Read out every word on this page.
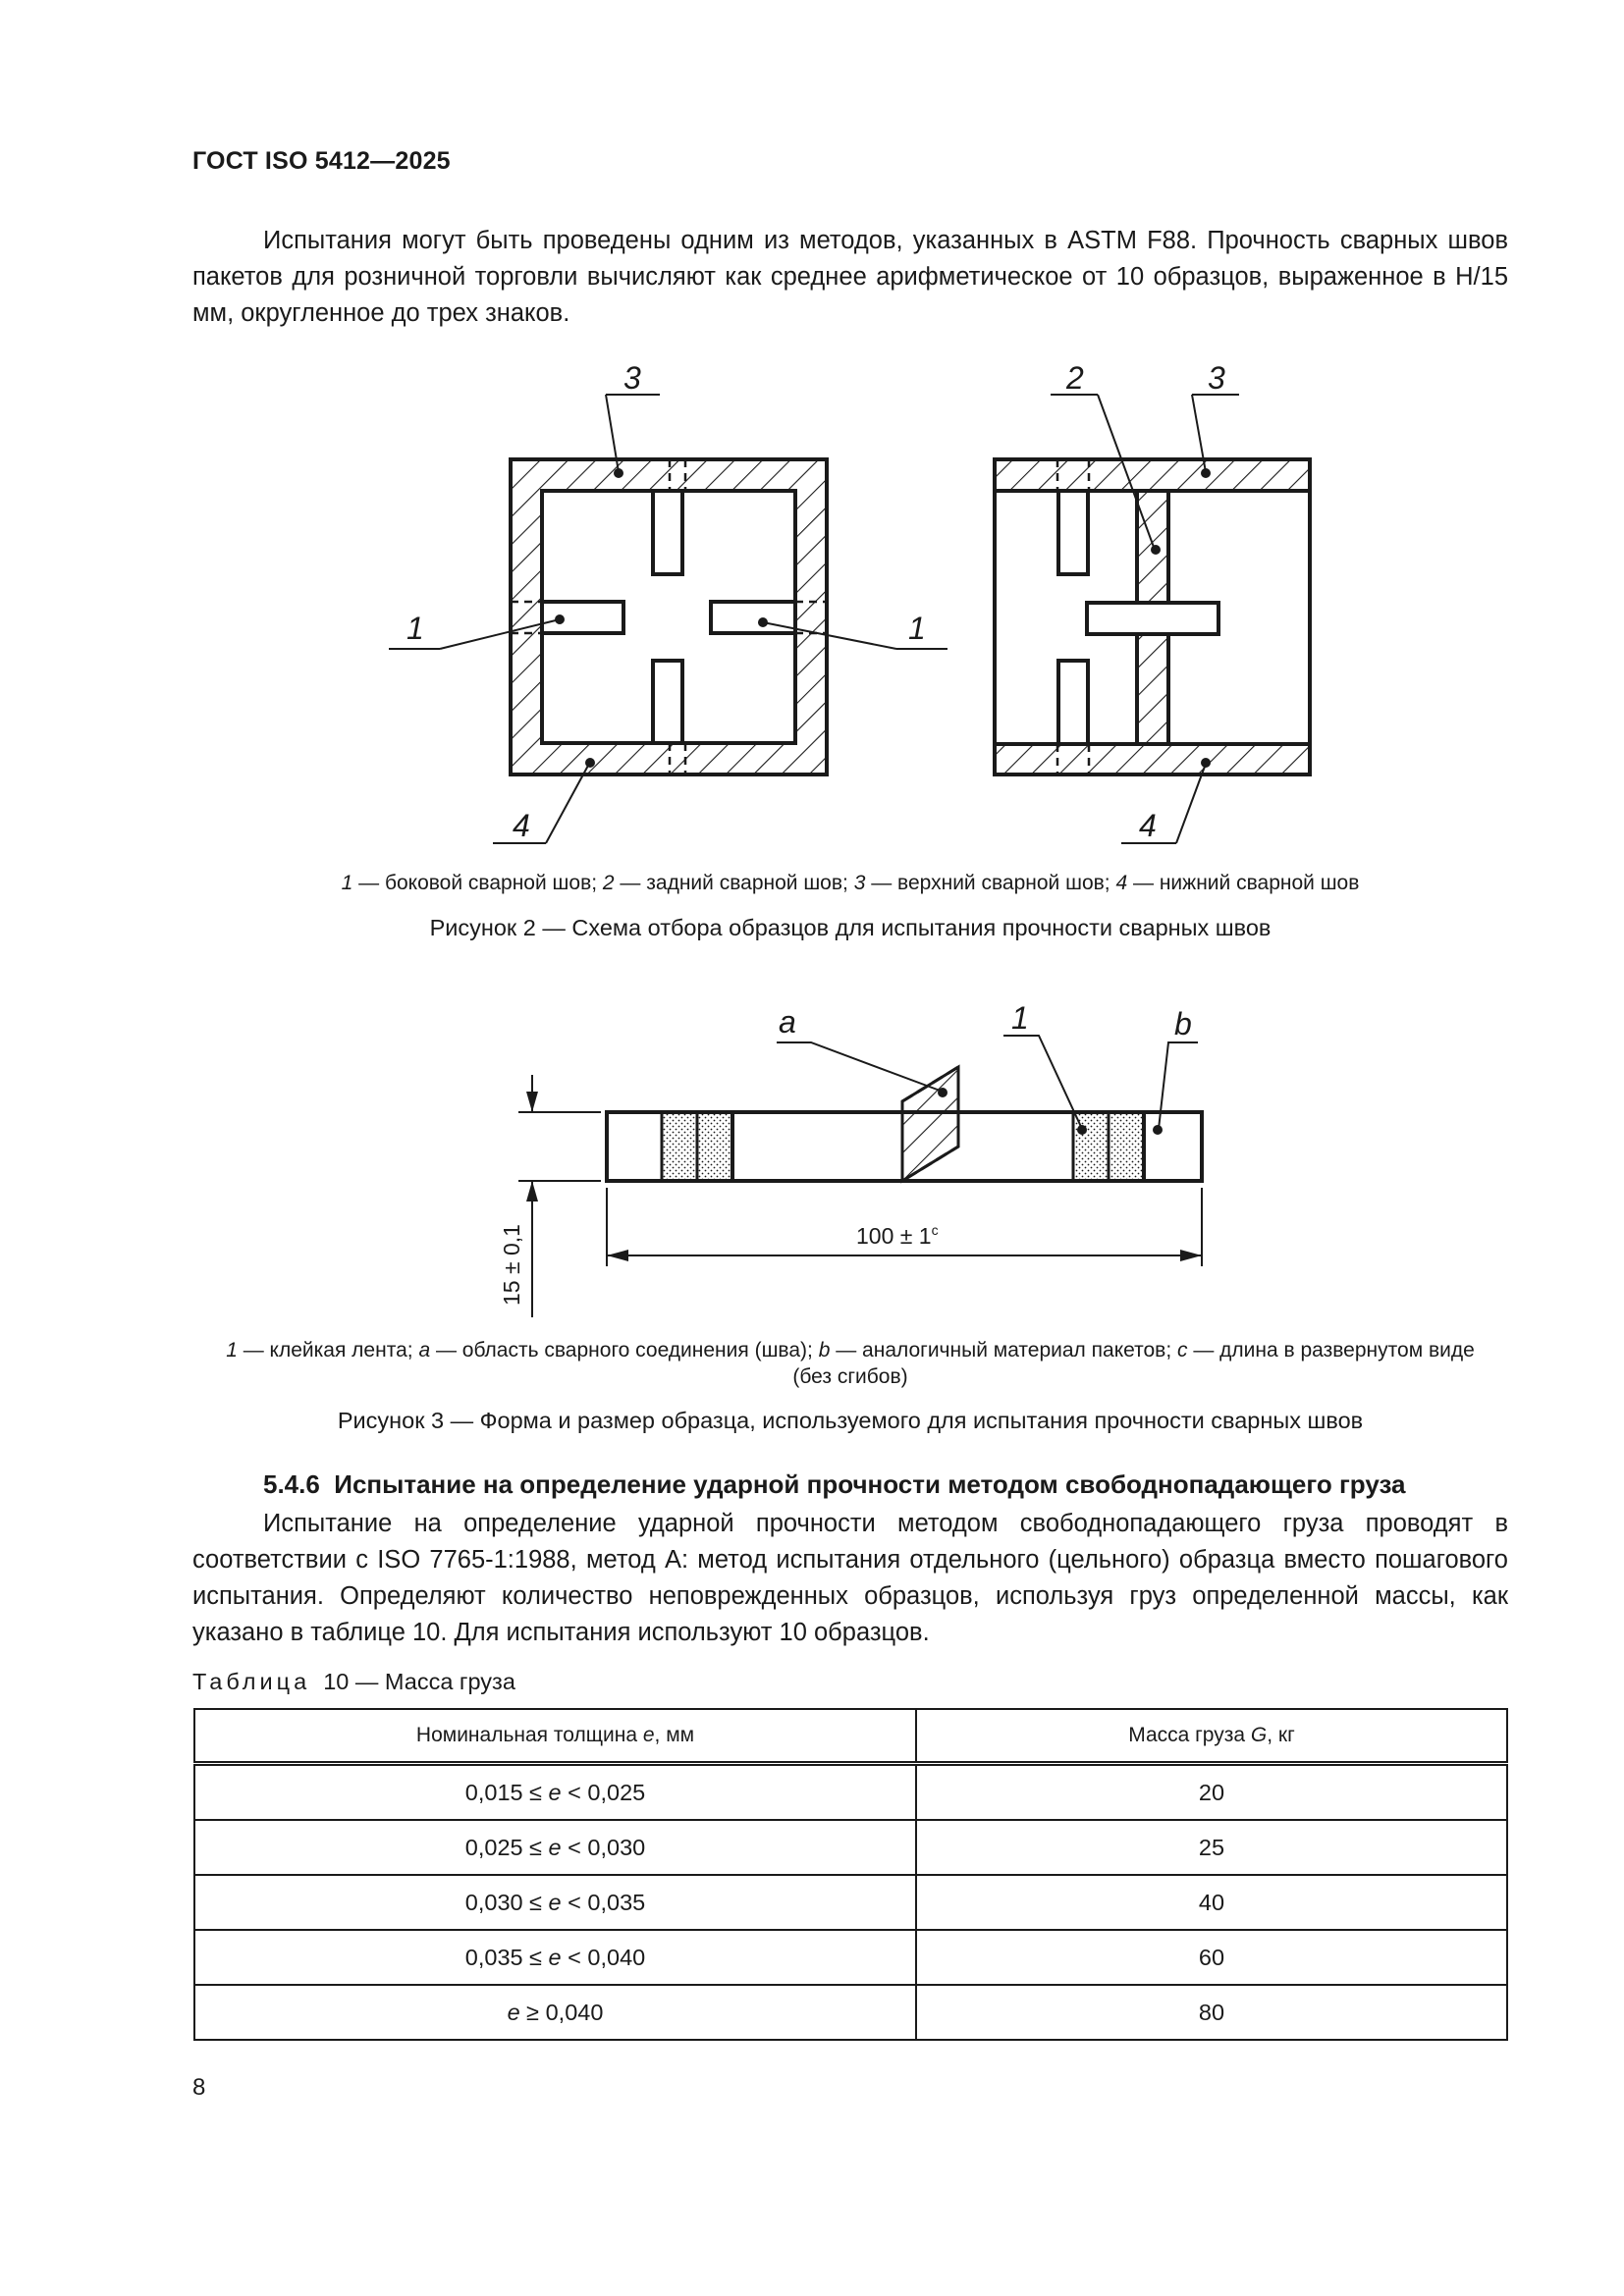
ГОСТ ISO 5412—2025

Испытания могут быть проведены одним из методов, указанных в ASTM F88. Прочность сварных швов пакетов для розничной торговли вычисляют как среднее арифметическое от 10 образцов, выраженное в Н/15 мм, округленное до трех знаков.

3
1	1
4
2	3
4
a	1	b
$100 \pm 1^c$
15 ± 0,1
1 — боковой сварной шов; 2 — задний сварной шов; 3 — верхний сварной шов; 4 — нижний сварной шов
Рисунок 2 — Схема отбора образцов для испытания прочности сварных швов
1 — клейкая лента; a — область сварного соединения (шва); b — аналогичный материал пакетов; c — длина в развернутом виде
(без сгибов)
Рисунок 3 — Форма и размер образца, используемого для испытания прочности сварных швов
5.4.6 Испытание на определение ударной прочности методом свободнопадающего груза

Испытание на определение ударной прочности методом свободнопадающего груза проводят в соответствии с ISO 7765-1:1988, метод А: метод испытания отдельного (цельного) образца вместо пошагового испытания. Определяют количество неповрежденных образцов, используя груз определенной массы, как указано в таблице 10. Для испытания используют 10 образцов.

Таблица 10 — Масса груза
Номинальная толщина e, мм	Масса груза G, кг
0,015 ≤ e < 0,025	20
0,025 ≤ e < 0,030	25
0,030 ≤ e < 0,035	40
0,035 ≤ e < 0,040	60
e ≥ 0,040	80
8
